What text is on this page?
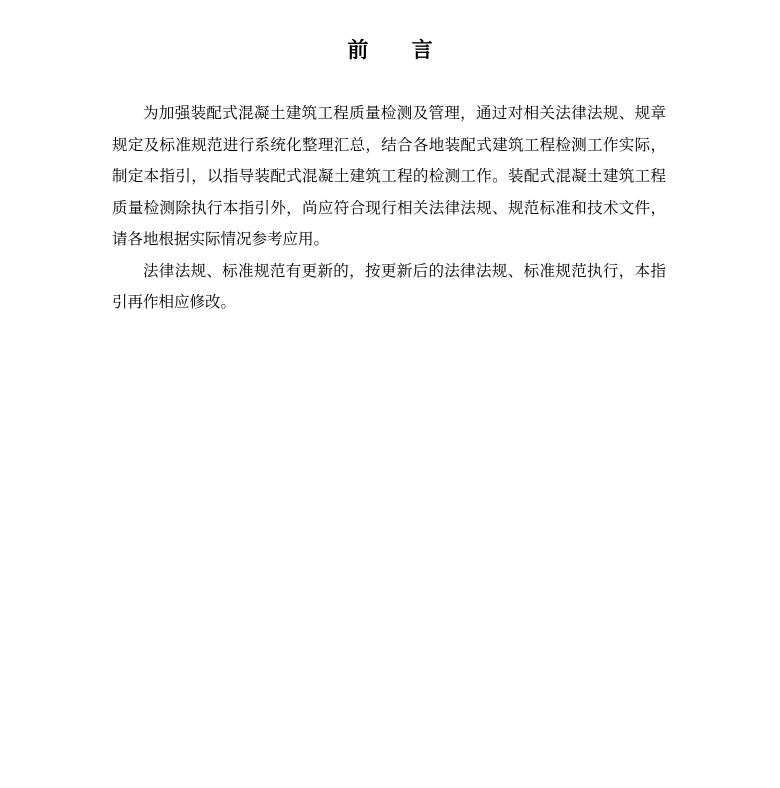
前 言

为加强装配式混凝土建筑工程质量检测及管理，通过对相关法律法规、规章规定及标准规范进行系统化整理汇总，结合各地装配式建筑工程检测工作实际，制定本指引，以指导装配式混凝土建筑工程的检测工作。装配式混凝土建筑工程质量检测除执行本指引外，尚应符合现行相关法律法规、规范标准和技术文件，请各地根据实际情况参考应用。

法律法规、标准规范有更新的，按更新后的法律法规、标准规范执行，本指引再作相应修改。
